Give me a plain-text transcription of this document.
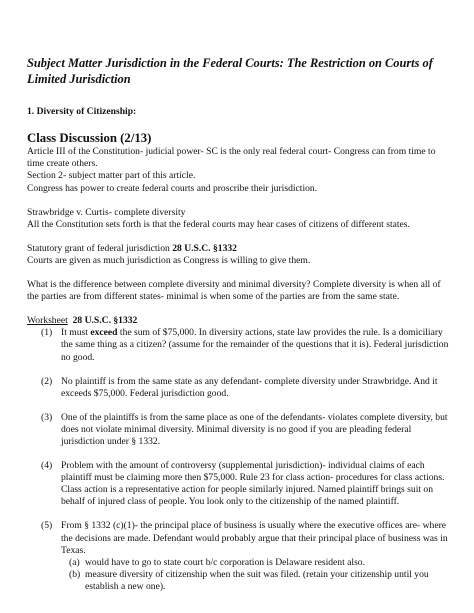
Subject Matter Jurisdiction in the Federal Courts: The Restriction on Courts of Limited Jurisdiction
1. Diversity of Citizenship:
Class Discussion (2/13)

Article III of the Constitution- judicial power- SC is the only real federal court- Congress can from time to time create others.

Section 2- subject matter part of this article.

Congress has power to create federal courts and proscribe their jurisdiction.

Strawbridge v. Curtis- complete diversity

All the Constitution sets forth is that the federal courts may hear cases of citizens of different states.

Statutory grant of federal jurisdiction 28 U.S.C. §1332

Courts are given as much jurisdiction as Congress is willing to give them.

What is the difference between complete diversity and minimal diversity? Complete diversity is when all of the parties are from different states- minimal is when some of the parties are from the same state.

Worksheet 28 U.S.C. §1332

(1) It must exceed the sum of $75,000. In diversity actions, state law provides the rule. Is a domiciliary the same thing as a citizen? (assume for the remainder of the questions that it is). Federal jurisdiction no good.
(2) No plaintiff is from the same state as any defendant- complete diversity under Strawbridge. And it exceeds $75,000. Federal jurisdiction good.
(3) One of the plaintiffs is from the same place as one of the defendants- violates complete diversity, but does not violate minimal diversity. Minimal diversity is no good if you are pleading federal jurisdiction under § 1332.
(4) Problem with the amount of controversy (supplemental jurisdiction)- individual claims of each plaintiff must be claiming more then $75,000. Rule 23 for class action- procedures for class actions. Class action is a representative action for people similarly injured. Named plaintiff brings suit on behalf of injured class of people. You look only to the citizenship of the named plaintiff.
(5) From § 1332 (c)(1)- the principal place of business is usually where the executive offices are- where the decisions are made. Defendant would probably argue that their principal place of business was in Texas.
(a) would have to go to state court b/c corporation is Delaware resident also.
(b) measure diversity of citizenship when the suit was filed. (retain your citizenship until you establish a new one).
